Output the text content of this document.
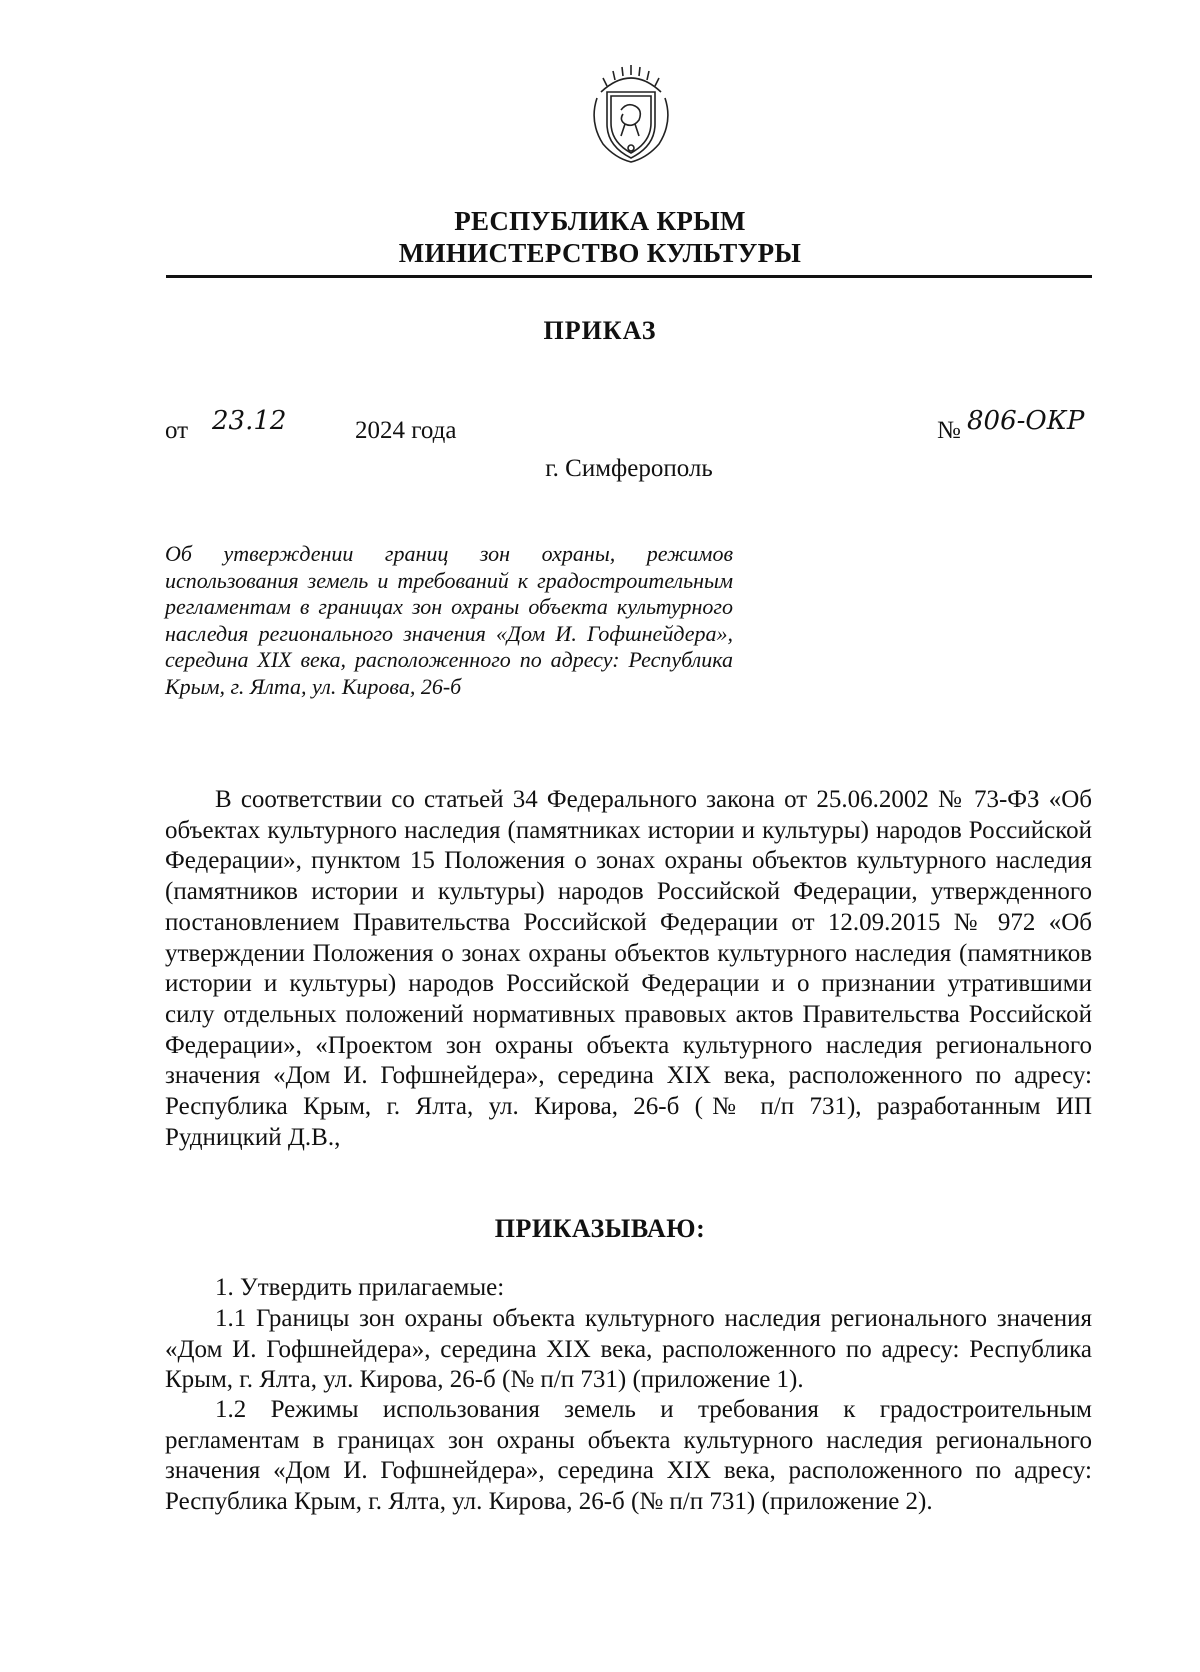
РЕСПУБЛИКА КРЫМ
МИНИСТЕРСТВО КУЛЬТУРЫ
ПРИКАЗ
от 23.12	2024 года	№ 806-ОКР
г. Симферополь
Об утверждении границ зон охраны, режимов использования земель и требований к градостроительным регламентам в границах зон охраны объекта культурного наследия регионального значения «Дом И. Гофшнейдера», середина XIX века, расположенного по адресу: Республика Крым, г. Ялта, ул. Кирова, 26-б
В соответствии со статьей 34 Федерального закона от 25.06.2002 № 73-ФЗ «Об объектах культурного наследия (памятниках истории и культуры) народов Российской Федерации», пунктом 15 Положения о зонах охраны объектов культурного наследия (памятников истории и культуры) народов Российской Федерации, утвержденного постановлением Правительства Российской Федерации от 12.09.2015 № 972 «Об утверждении Положения о зонах охраны объектов культурного наследия (памятников истории и культуры) народов Российской Федерации и о признании утратившими силу отдельных положений нормативных правовых актов Правительства Российской Федерации», «Проектом зон охраны объекта культурного наследия регионального значения «Дом И. Гофшнейдера», середина XIX века, расположенного по адресу: Республика Крым, г. Ялта, ул. Кирова, 26-б (№ п/п 731), разработанным ИП Рудницкий Д.В.,
ПРИКАЗЫВАЮ:
1. Утвердить прилагаемые:
1.1 Границы зон охраны объекта культурного наследия регионального значения «Дом И. Гофшнейдера», середина XIX века, расположенного по адресу: Республика Крым, г. Ялта, ул. Кирова, 26-б (№ п/п 731) (приложение 1).
1.2 Режимы использования земель и требования к градостроительным регламентам в границах зон охраны объекта культурного наследия регионального значения «Дом И. Гофшнейдера», середина XIX века, расположенного по адресу: Республика Крым, г. Ялта, ул. Кирова, 26-б (№ п/п 731) (приложение 2).
